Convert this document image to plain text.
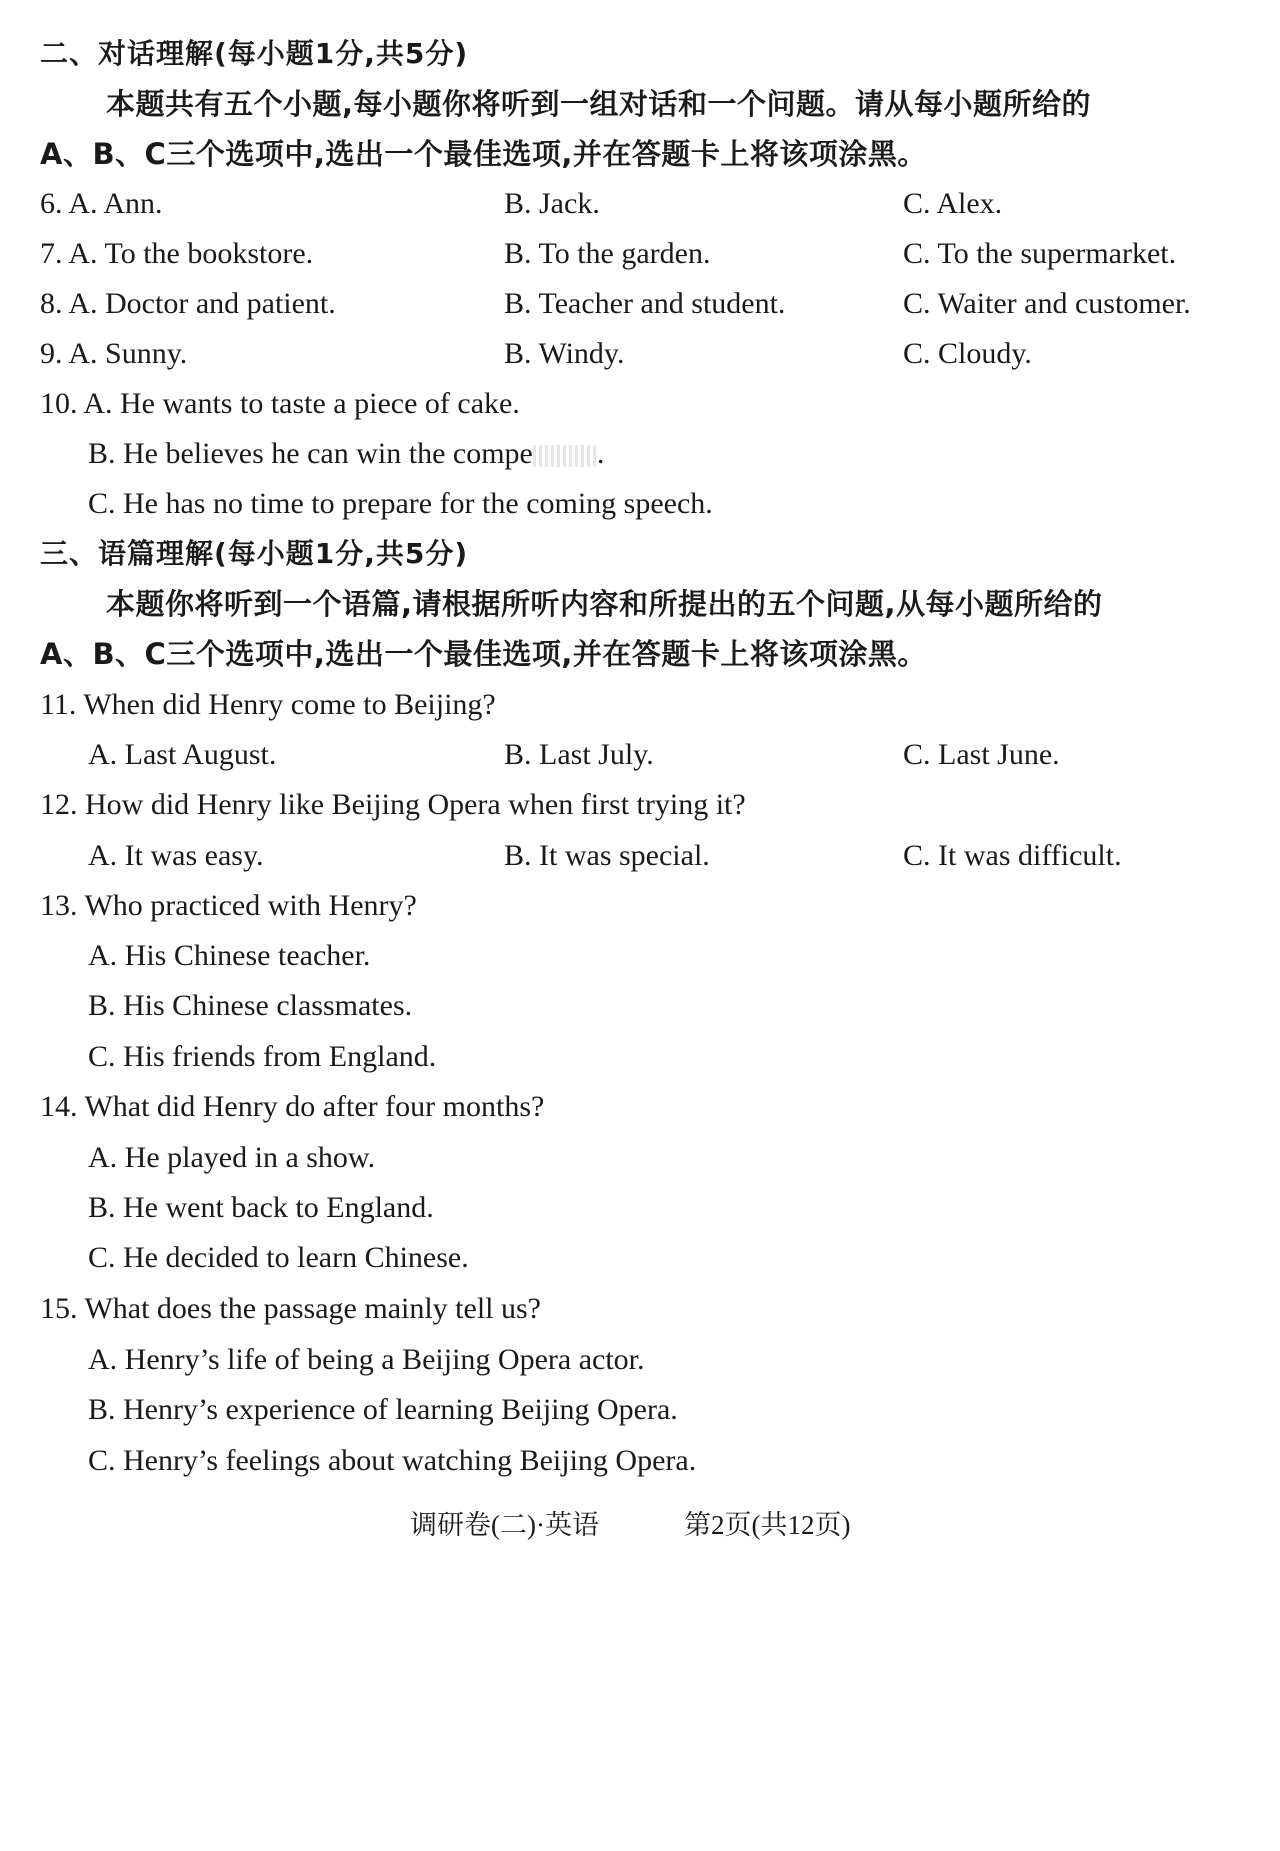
二、对话理解(每小题1分,共5分)
本题共有五个小题,每小题你将听到一组对话和一个问题。请从每小题所给的
A、B、C三个选项中,选出一个最佳选项,并在答题卡上将该项涂黑。
6. A. Ann.	B. Jack.	C. Alex.
7. A. To the bookstore.	B. To the garden.	C. To the supermarket.
8. A. Doctor and patient.	B. Teacher and student.	C. Waiter and customer.
9. A. Sunny.	B. Windy.	C. Cloudy.
10. A. He wants to taste a piece of cake.
B. He believes he can win the compe .
C. He has no time to prepare for the coming speech.
三、语篇理解(每小题1分,共5分)
本题你将听到一个语篇,请根据所听内容和所提出的五个问题,从每小题所给的
A、B、C三个选项中,选出一个最佳选项,并在答题卡上将该项涂黑。
11. When did Henry come to Beijing?
A. Last August.	B. Last July.	C. Last June.
12. How did Henry like Beijing Opera when first trying it?
A. It was easy.	B. It was special.	C. It was difficult.
13. Who practiced with Henry?
A. His Chinese teacher.
B. His Chinese classmates.
C. His friends from England.
14. What did Henry do after four months?
A. He played in a show.
B. He went back to England.
C. He decided to learn Chinese.
15. What does the passage mainly tell us?
A. Henry’s life of being a Beijing Opera actor.
B. Henry’s experience of learning Beijing Opera.
C. Henry’s feelings about watching Beijing Opera.
调研卷(二)·英语	第2页(共12页)
